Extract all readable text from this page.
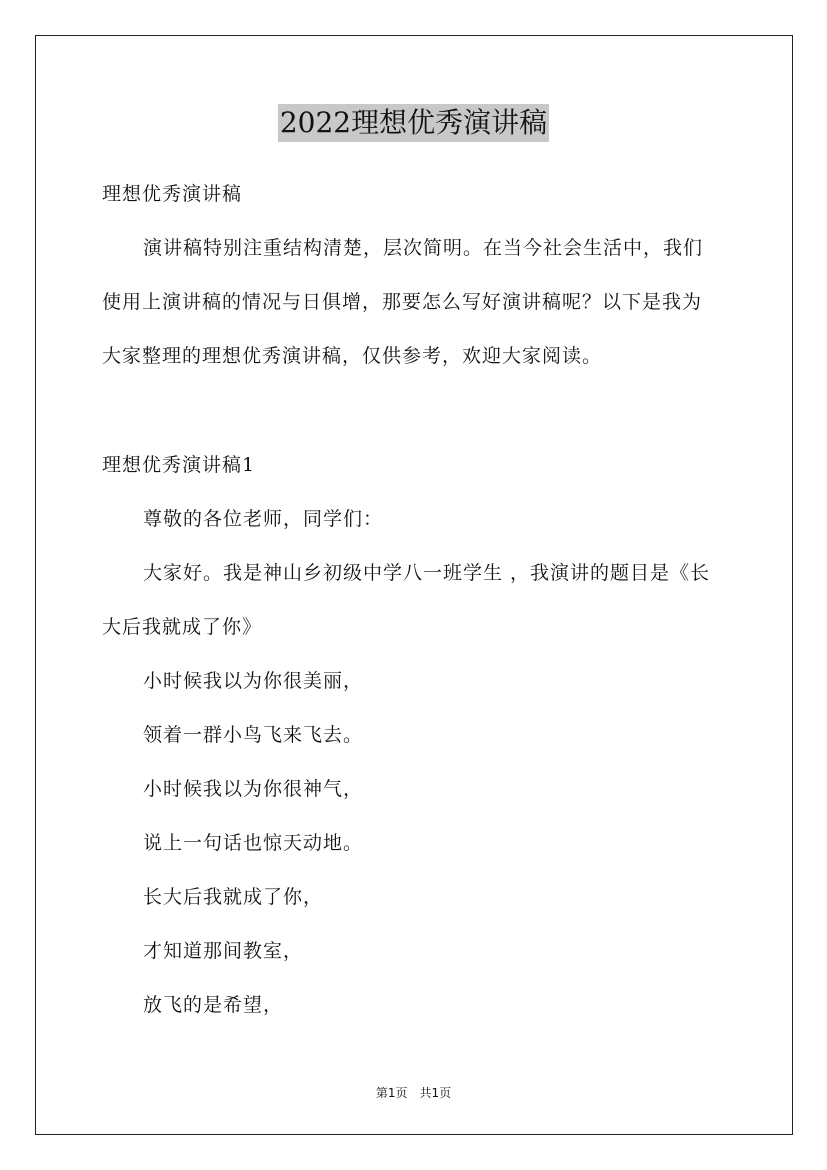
2022理想优秀演讲稿
理想优秀演讲稿
演讲稿特别注重结构清楚，层次简明。在当今社会生活中，我们
使用上演讲稿的情况与日俱增，那要怎么写好演讲稿呢？以下是我为
大家整理的理想优秀演讲稿，仅供参考，欢迎大家阅读。
理想优秀演讲稿1
尊敬的各位老师，同学们：
大家好。我是神山乡初级中学八一班学生 ，我演讲的题目是《长
大后我就成了你》
小时候我以为你很美丽，
领着一群小鸟飞来飞去。
小时候我以为你很神气，
说上一句话也惊天动地。
长大后我就成了你，
才知道那间教室，
放飞的是希望，
第1页　共1页
